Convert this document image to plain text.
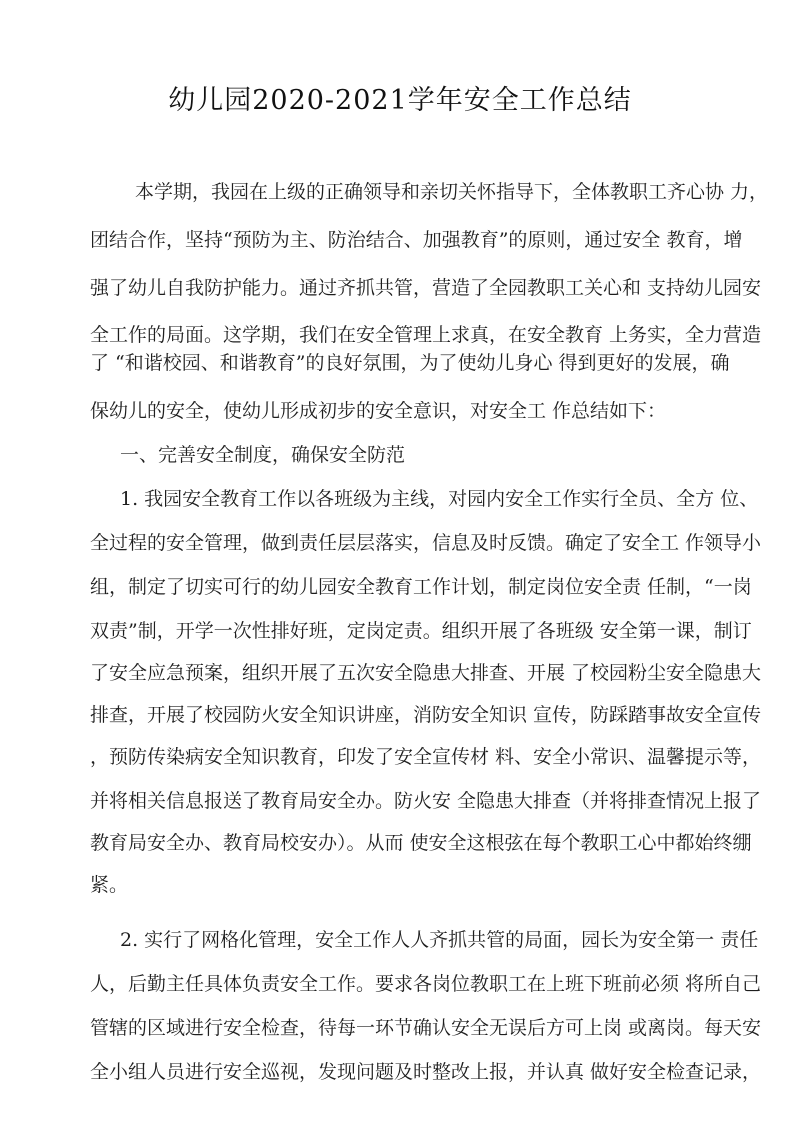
幼儿园2020-2021学年安全工作总结
本学期，我园在上级的正确领导和亲切关怀指导下，全体教职工齐心协 力，
团结合作，坚持“预防为主、防治结合、加强教育”的原则，通过安全 教育，增
强了幼儿自我防护能力。通过齐抓共管，营造了全园教职工关心和 支持幼儿园安
全工作的局面。这学期，我们在安全管理上求真，在安全教育 上务实，全力营造
了 “和谐校园、和谐教育”的良好氛围，为了使幼儿身心 得到更好的发展，确
保幼儿的安全，使幼儿形成初步的安全意识，对安全工 作总结如下：
一、完善安全制度，确保安全防范
1. 我园安全教育工作以各班级为主线，对园内安全工作实行全员、全方 位、
全过程的安全管理，做到责任层层落实，信息及时反馈。确定了安全工 作领导小
组，制定了切实可行的幼儿园安全教育工作计划，制定岗位安全责 任制，“一岗
双责”制，开学一次性排好班，定岗定责。组织开展了各班级 安全第一课，制订
了安全应急预案，组织开展了五次安全隐患大排查、开展 了校园粉尘安全隐患大
排查，开展了校园防火安全知识讲座，消防安全知识 宣传，防踩踏事故安全宣传
，预防传染病安全知识教育，印发了安全宣传材 料、安全小常识、温馨提示等，
并将相关信息报送了教育局安全办。防火安 全隐患大排查（并将排查情况上报了
教育局安全办、教育局校安办）。从而 使安全这根弦在每个教职工心中都始终绷
紧。
2. 实行了网格化管理，安全工作人人齐抓共管的局面，园长为安全第一 责任
人，后勤主任具体负责安全工作。要求各岗位教职工在上班下班前必须 将所自己
管辖的区域进行安全检查，待每一环节确认安全无误后方可上岗 或离岗。每天安
全小组人员进行安全巡视，发现问题及时整改上报，并认真 做好安全检查记录，
